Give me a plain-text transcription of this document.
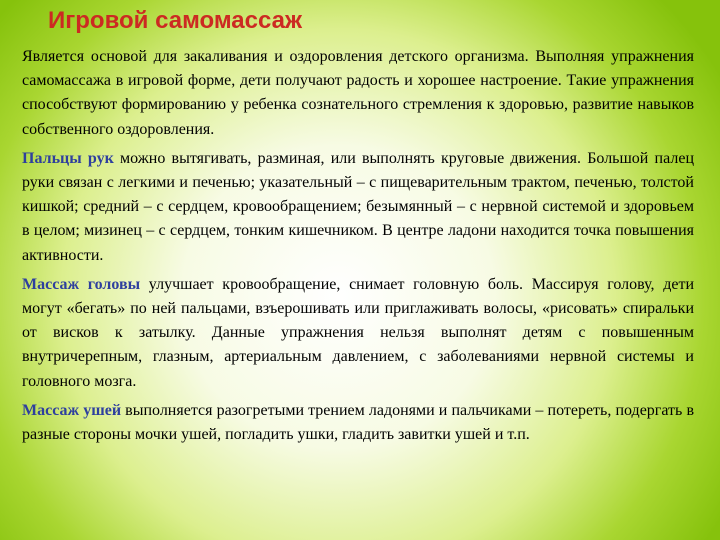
Игровой самомассаж

Является основой для закаливания и оздоровления детского организма. Выполняя упражнения самомассажа в игровой форме, дети получают радость и хорошее настроение. Такие упражнения способствуют формированию у ребенка сознательного стремления к здоровью, развитие навыков собственного оздоровления.

Пальцы рук можно вытягивать, разминая, или выполнять круговые движения. Большой палец руки связан с легкими и печенью; указательный – с пищеварительным трактом, печенью, толстой кишкой; средний – с сердцем, кровообращением; безымянный – с нервной системой и здоровьем в целом; мизинец – с сердцем, тонким кишечником. В центре ладони находится точка повышения активности.

Массаж головы улучшает кровообращение, снимает головную боль. Массируя голову, дети могут «бегать» по ней пальцами, взъерошивать или приглаживать волосы, «рисовать» спиральки от висков к затылку. Данные упражнения нельзя выполнят детям с повышенным внутричерепным, глазным, артериальным давлением, с заболеваниями нервной системы и головного мозга.

Массаж ушей выполняется разогретыми трением ладонями и пальчиками – потереть, подергать в разные стороны мочки ушей, погладить ушки, гладить завитки ушей и т.п.
